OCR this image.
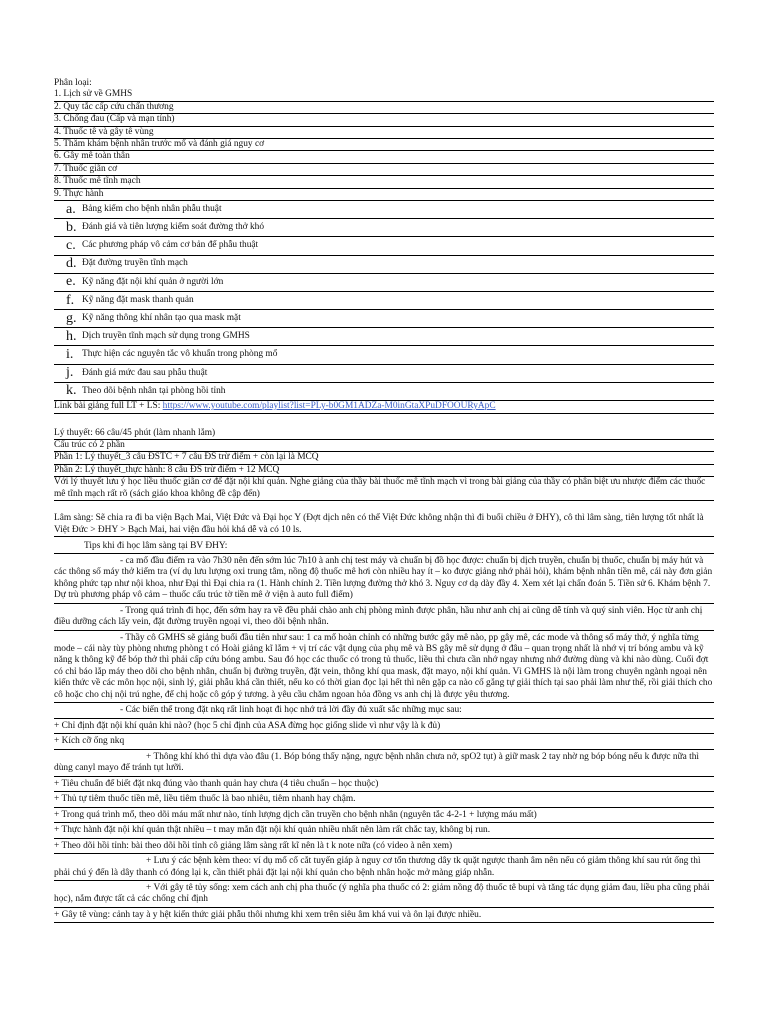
Phân loại:
1. Lịch sử về GMHS
2. Quy tắc cấp cứu chấn thương
3. Chống đau (Cấp và mạn tính)
4. Thuốc tê và gây tê vùng
5. Thăm khám bệnh nhân trước mổ và đánh giá nguy cơ
6. Gây mê toàn thân
7. Thuốc giãn cơ
8. Thuốc mê tĩnh mạch
9. Thực hành
a. Bảng kiểm cho bệnh nhân phẫu thuật
b. Đánh giá và tiên lượng kiểm soát đường thở khó
c. Các phương pháp vô cảm cơ bản để phẫu thuật
d. Đặt đường truyền tĩnh mạch
e. Kỹ năng đặt nội khí quản ở người lớn
f. Kỹ năng đặt mask thanh quản
g. Kỹ năng thông khí nhân tạo qua mask mặt
h. Dịch truyền tĩnh mạch sử dụng trong GMHS
i. Thực hiện các nguyên tắc vô khuẩn trong phòng mổ
j. Đánh giá mức đau sau phẫu thuật
k. Theo dõi bệnh nhân tại phòng hồi tỉnh
Link bài giảng full LT + LS: https://www.youtube.com/playlist?list=PLy-b0GM1ADZa-M0inGtaXPuDFOOURyApC
Lý thuyết: 66 câu/45 phút (làm nhanh lắm)
Cấu trúc có 2 phần
Phần 1: Lý thuyết_3 câu ĐSTC + 7 câu ĐS trừ điểm + còn lại là MCQ
Phần 2: Lý thuyết_thực hành: 8 câu ĐS trừ điểm + 12 MCQ
Với lý thuyết lưu ý học liều thuốc giãn cơ để đặt nội khí quản. Nghe giảng của thầy bài thuốc mê tĩnh mạch vì trong bài giảng của thầy có phân biệt ưu nhược điểm các thuốc mê tĩnh mạch rất rõ (sách giáo khoa không đề cập đến)
Lâm sàng: Sẽ chia ra đi ba viện Bạch Mai, Việt Đức và Đại học Y (Đợt dịch nên có thể Việt Đức không nhận thì đi buổi chiều ở ĐHY), cô thì lâm sàng, tiên lượng tốt nhất là Việt Đức > ĐHY > Bạch Mai, hai viện đầu hỏi khá dễ và có 10 ls.
Tips khi đi học lâm sàng tại BV ĐHY:
- ca mổ đầu điểm ra vào 7h30 nên đến sớm lúc 7h10 à anh chị test máy và chuẩn bị đồ học được: chuẩn bị dịch truyền, chuẩn bị thuốc, chuẩn bị máy hút và các thông số máy thở kiểm tra (ví dụ lưu lượng oxi trung tâm, nồng độ thuốc mê hơi còn nhiều hay ít – ko được giảng nhớ phải hỏi), khám bệnh nhân tiền mê, cái này đơn giản không phức tạp như nội khoa, như Đại thì Đại chia ra (1. Hành chính 2. Tiền lượng đường thở khó 3. Nguy cơ dạ dày đầy 4. Xem xét lại chẩn đoán 5. Tiền sử 6. Khám bệnh 7. Dự trù phương pháp vô cảm – thuốc cấu trúc tờ tiền mê ở viện à auto full điểm)
- Trong quá trình đi học, đến sớm hay ra về đều phải chào anh chị phòng mình được phân, hầu như anh chị ai cũng dễ tính và quý sinh viên. Học từ anh chị điều dưỡng cách lấy vein, đặt đường truyền ngoại vi, theo dõi bệnh nhân.
- Thầy cô GMHS sẽ giảng buổi đầu tiên như sau: 1 ca mổ hoàn chỉnh có những bước gây mê nào, pp gây mê, các mode và thông số máy thở, ý nghĩa từng mode – cái này tùy phòng nhưng phòng t có Hoài giảng kĩ lắm + vị trí các vật dụng của phụ mê và BS gây mê sử dụng ở đâu – quan trọng nhất là nhớ vị trí bóng ambu và kỹ năng k thông kỹ để bóp thở thì phải cấp cứu bóng ambu. Sau đó học các thuốc có trong tủ thuốc, liều thì chưa cần nhớ ngay nhưng nhớ đường dùng và khi nào dùng. Cuối đợt có chỉ báo lắp máy theo dõi cho bệnh nhân, chuẩn bị đường truyền, đặt vein, thông khí qua mask, đặt mayo, nội khí quản. Vì GMHS là nội làm trong chuyên ngành ngoại nên kiến thức về các môn học nội, sinh lý, giải phẫu khá cần thiết, nếu ko có thời gian đọc lại hết thì nên gặp ca nào cố gắng tự giải thích tại sao phải làm như thế, rồi giải thích cho cô hoặc cho chị nội trú nghe, để chị hoặc cô góp ý tương. à yêu cầu chăm ngoan hỏa đồng vs anh chị là được yêu thương.
- Các biến thể trong đặt nkq rất linh hoạt đi học nhớ trả lời đầy đủ xuất sắc những mục sau:
+ Chỉ định đặt nội khí quản khi nào? (học 5 chỉ định của ASA đừng học giống slide vì như vậy là k đủ)
+ Kích cỡ ống nkq
+ Thông khí khó thì dựa vào đâu (1. Bóp bóng thấy nặng, ngực bệnh nhân chưa nở, spO2 tụt) à giữ mask 2 tay nhờ ng bóp bóng nếu k được nữa thì dùng canyl mayo để tránh tụt lưỡi.
+ Tiêu chuẩn để biết đặt nkq đúng vào thanh quản hay chưa (4 tiêu chuẩn – học thuộc)
+ Thủ tự tiêm thuốc tiền mê, liều tiêm thuốc là bao nhiêu, tiêm nhanh hay chậm.
+ Trong quá trình mổ, theo dõi máu mất như nào, tính lượng dịch cần truyền cho bệnh nhân (nguyên tắc 4-2-1 + lượng máu mất)
+ Thực hành đặt nội khí quản thật nhiều – t may mắn đặt nội khí quản nhiều nhất nên làm rất chắc tay, không bị run.
+ Theo dõi hồi tỉnh: bài theo dõi hồi tỉnh cô giảng lâm sàng rất kĩ nên là t k note nữa (có video à nên xem)
+ Lưu ý các bệnh kèm theo: ví dụ mổ cổ cắt tuyến giáp à nguy cơ tổn thương dây tk quặt ngược thanh âm nên nếu có giảm thông khí sau rút ống thì phải chú ý đến là dây thanh có đóng lại k, cần thiết phải đặt lại nội khí quản cho bệnh nhân hoặc mở màng giáp nhẫn.
+ Với gây tê tủy sống: xem cách anh chị pha thuốc (ý nghĩa pha thuốc có 2: giảm nồng độ thuốc tê bupi và tăng tác dụng giảm đau, liều pha cũng phải học), nắm được tất cả các chống chỉ định
+ Gây tê vùng: cảnh tay à y hệt kiến thức giải phẫu thôi nhưng khi xem trên siêu âm khá vui và ôn lại được nhiều.
